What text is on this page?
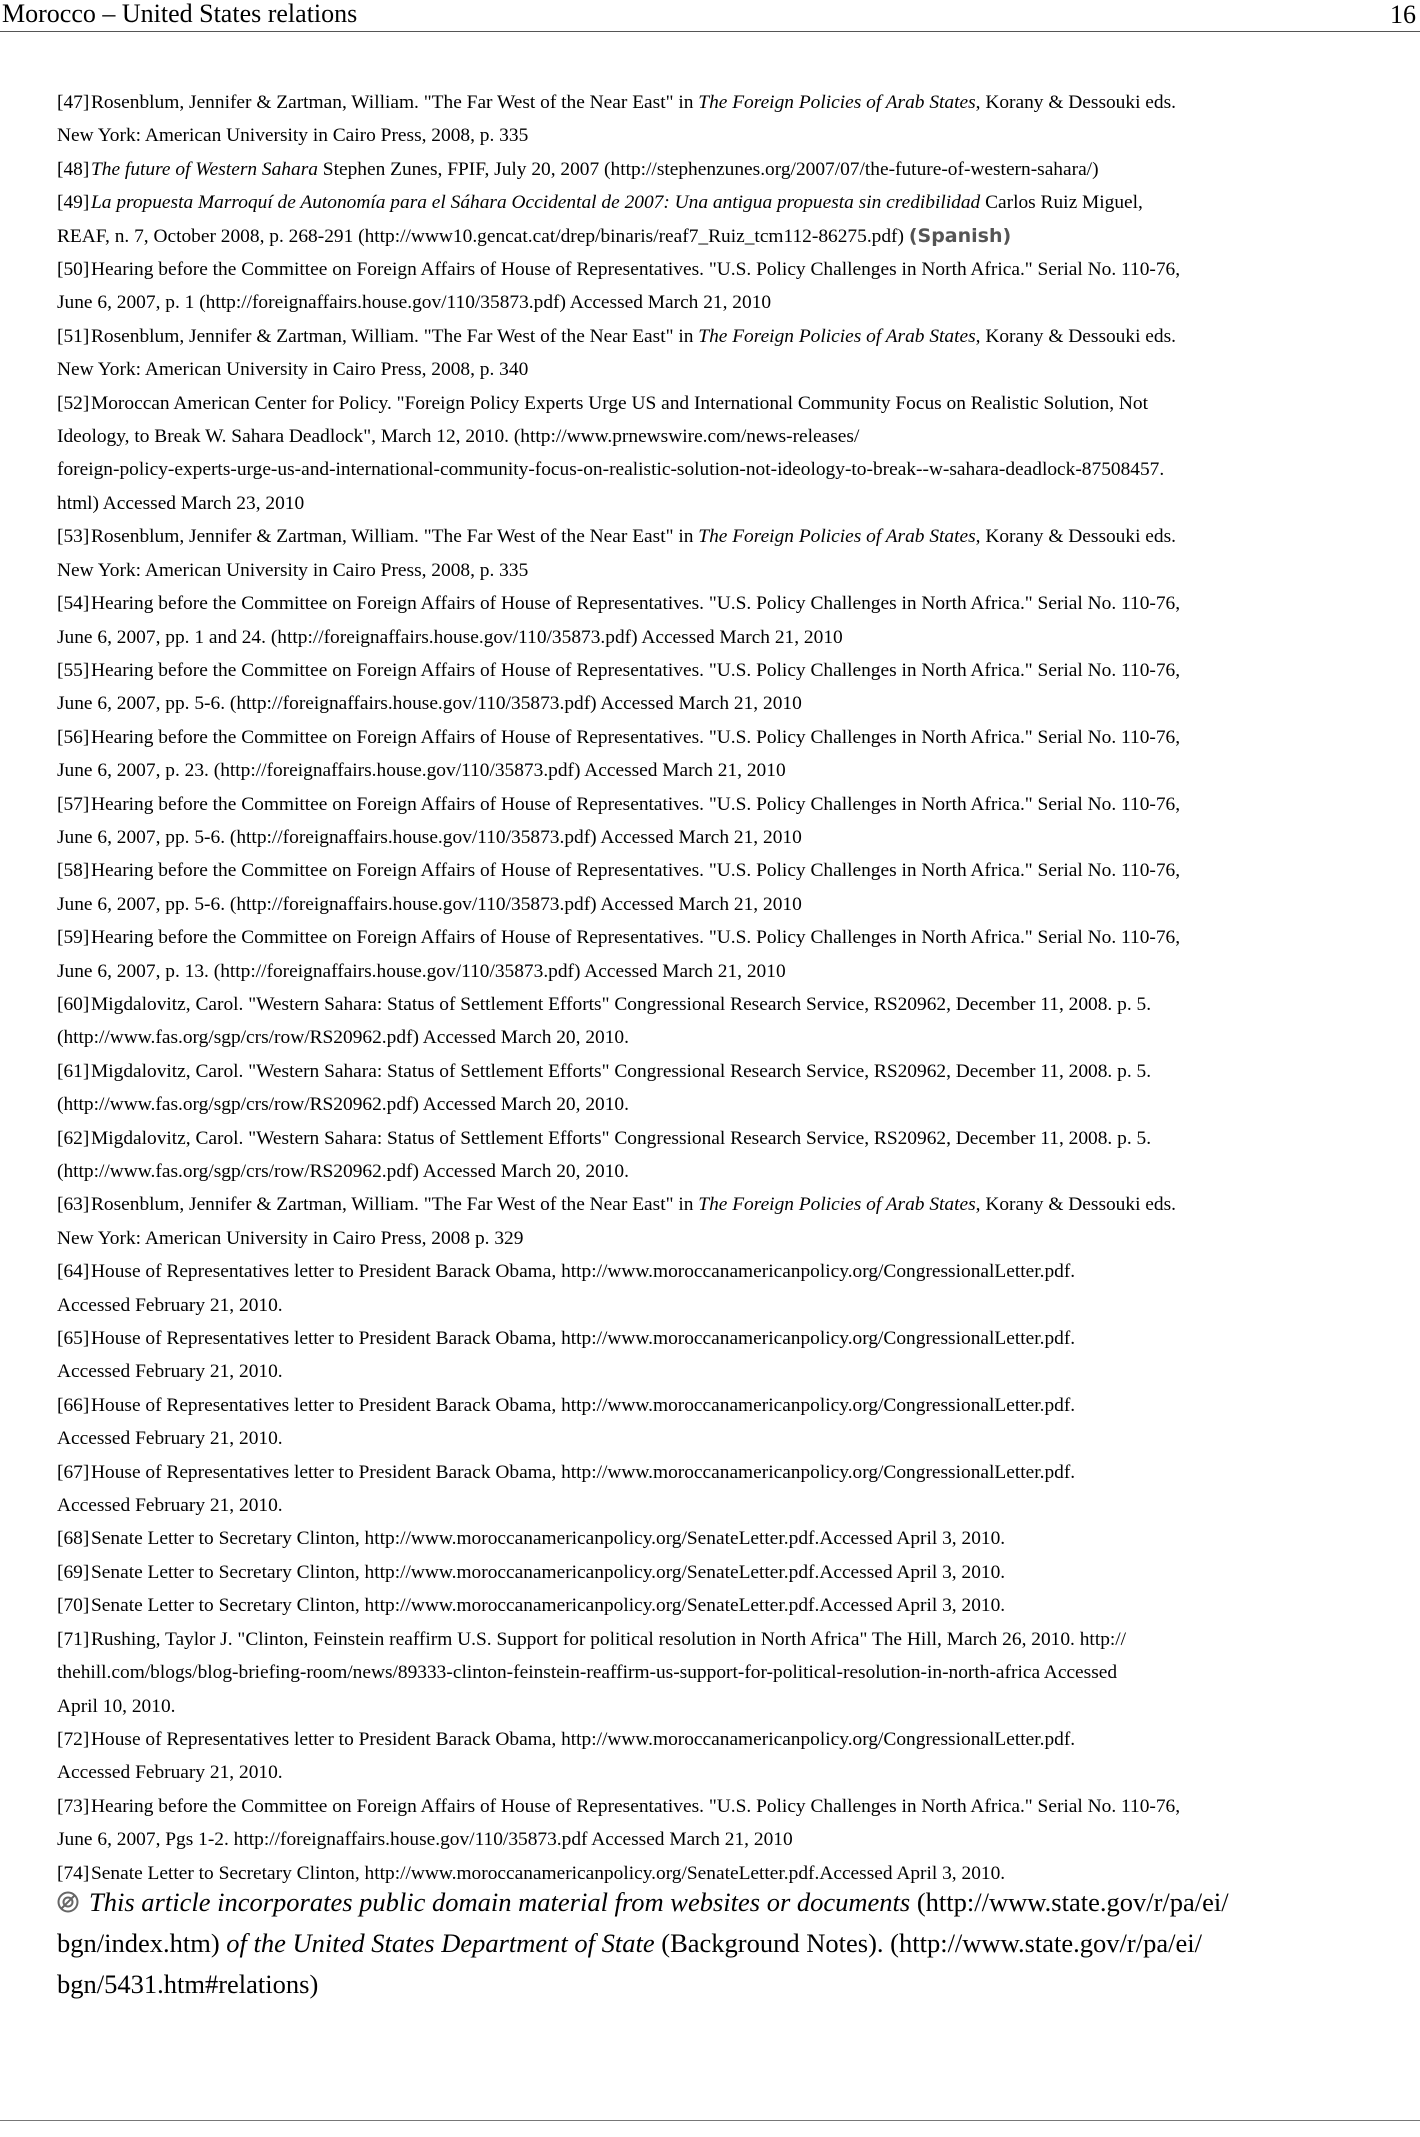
Morocco – United States relations	16
[47]Rosenblum, Jennifer & Zartman, William. "The Far West of the Near East" in The Foreign Policies of Arab States, Korany & Dessouki eds.
New York: American University in Cairo Press, 2008, p. 335
[48]The future of Western Sahara Stephen Zunes, FPIF, July 20, 2007 (http://stephenzunes.org/2007/07/the-future-of-western-sahara/)
[49]La propuesta Marroquí de Autonomía para el Sáhara Occidental de 2007: Una antigua propuesta sin credibilidad Carlos Ruiz Miguel,
REAF, n. 7, October 2008, p. 268-291 (http://www10.gencat.cat/drep/binaris/reaf7_Ruiz_tcm112-86275.pdf) (Spanish)
[50]Hearing before the Committee on Foreign Affairs of House of Representatives. "U.S. Policy Challenges in North Africa." Serial No. 110-76,
June 6, 2007, p. 1 (http://foreignaffairs.house.gov/110/35873.pdf) Accessed March 21, 2010
[51]Rosenblum, Jennifer & Zartman, William. "The Far West of the Near East" in The Foreign Policies of Arab States, Korany & Dessouki eds.
New York: American University in Cairo Press, 2008, p. 340
[52]Moroccan American Center for Policy. "Foreign Policy Experts Urge US and International Community Focus on Realistic Solution, Not
Ideology, to Break W. Sahara Deadlock", March 12, 2010. (http://www.prnewswire.com/news-releases/
foreign-policy-experts-urge-us-and-international-community-focus-on-realistic-solution-not-ideology-to-break--w-sahara-deadlock-87508457.
html) Accessed March 23, 2010
[53]Rosenblum, Jennifer & Zartman, William. "The Far West of the Near East" in The Foreign Policies of Arab States, Korany & Dessouki eds.
New York: American University in Cairo Press, 2008, p. 335
[54]Hearing before the Committee on Foreign Affairs of House of Representatives. "U.S. Policy Challenges in North Africa." Serial No. 110-76,
June 6, 2007, pp. 1 and 24. (http://foreignaffairs.house.gov/110/35873.pdf) Accessed March 21, 2010
[55]Hearing before the Committee on Foreign Affairs of House of Representatives. "U.S. Policy Challenges in North Africa." Serial No. 110-76,
June 6, 2007, pp. 5-6. (http://foreignaffairs.house.gov/110/35873.pdf) Accessed March 21, 2010
[56]Hearing before the Committee on Foreign Affairs of House of Representatives. "U.S. Policy Challenges in North Africa." Serial No. 110-76,
June 6, 2007, p. 23. (http://foreignaffairs.house.gov/110/35873.pdf) Accessed March 21, 2010
[57]Hearing before the Committee on Foreign Affairs of House of Representatives. "U.S. Policy Challenges in North Africa." Serial No. 110-76,
June 6, 2007, pp. 5-6. (http://foreignaffairs.house.gov/110/35873.pdf) Accessed March 21, 2010
[58]Hearing before the Committee on Foreign Affairs of House of Representatives. "U.S. Policy Challenges in North Africa." Serial No. 110-76,
June 6, 2007, pp. 5-6. (http://foreignaffairs.house.gov/110/35873.pdf) Accessed March 21, 2010
[59]Hearing before the Committee on Foreign Affairs of House of Representatives. "U.S. Policy Challenges in North Africa." Serial No. 110-76,
June 6, 2007, p. 13. (http://foreignaffairs.house.gov/110/35873.pdf) Accessed March 21, 2010
[60]Migdalovitz, Carol. "Western Sahara: Status of Settlement Efforts" Congressional Research Service, RS20962, December 11, 2008. p. 5.
(http://www.fas.org/sgp/crs/row/RS20962.pdf) Accessed March 20, 2010.
[61]Migdalovitz, Carol. "Western Sahara: Status of Settlement Efforts" Congressional Research Service, RS20962, December 11, 2008. p. 5.
(http://www.fas.org/sgp/crs/row/RS20962.pdf) Accessed March 20, 2010.
[62]Migdalovitz, Carol. "Western Sahara: Status of Settlement Efforts" Congressional Research Service, RS20962, December 11, 2008. p. 5.
(http://www.fas.org/sgp/crs/row/RS20962.pdf) Accessed March 20, 2010.
[63]Rosenblum, Jennifer & Zartman, William. "The Far West of the Near East" in The Foreign Policies of Arab States, Korany & Dessouki eds.
New York: American University in Cairo Press, 2008 p. 329
[64]House of Representatives letter to President Barack Obama, http://www.moroccanamericanpolicy.org/CongressionalLetter.pdf.
Accessed February 21, 2010.
[65]House of Representatives letter to President Barack Obama, http://www.moroccanamericanpolicy.org/CongressionalLetter.pdf.
Accessed February 21, 2010.
[66]House of Representatives letter to President Barack Obama, http://www.moroccanamericanpolicy.org/CongressionalLetter.pdf.
Accessed February 21, 2010.
[67]House of Representatives letter to President Barack Obama, http://www.moroccanamericanpolicy.org/CongressionalLetter.pdf.
Accessed February 21, 2010.
[68]Senate Letter to Secretary Clinton, http://www.moroccanamericanpolicy.org/SenateLetter.pdf.Accessed April 3, 2010.
[69]Senate Letter to Secretary Clinton, http://www.moroccanamericanpolicy.org/SenateLetter.pdf.Accessed April 3, 2010.
[70]Senate Letter to Secretary Clinton, http://www.moroccanamericanpolicy.org/SenateLetter.pdf.Accessed April 3, 2010.
[71]Rushing, Taylor J. "Clinton, Feinstein reaffirm U.S. Support for political resolution in North Africa" The Hill, March 26, 2010. http://
thehill.com/blogs/blog-briefing-room/news/89333-clinton-feinstein-reaffirm-us-support-for-political-resolution-in-north-africa Accessed
April 10, 2010.
[72]House of Representatives letter to President Barack Obama, http://www.moroccanamericanpolicy.org/CongressionalLetter.pdf.
Accessed February 21, 2010.
[73]Hearing before the Committee on Foreign Affairs of House of Representatives. "U.S. Policy Challenges in North Africa." Serial No. 110-76,
June 6, 2007, Pgs 1-2. http://foreignaffairs.house.gov/110/35873.pdf Accessed March 21, 2010
[74]Senate Letter to Secretary Clinton, http://www.moroccanamericanpolicy.org/SenateLetter.pdf.Accessed April 3, 2010.
This article incorporates public domain material from websites or documents (http://www.state.gov/r/pa/ei/
bgn/index.htm) of the United States Department of State (Background Notes). (http://www.state.gov/r/pa/ei/
bgn/5431.htm#relations)
